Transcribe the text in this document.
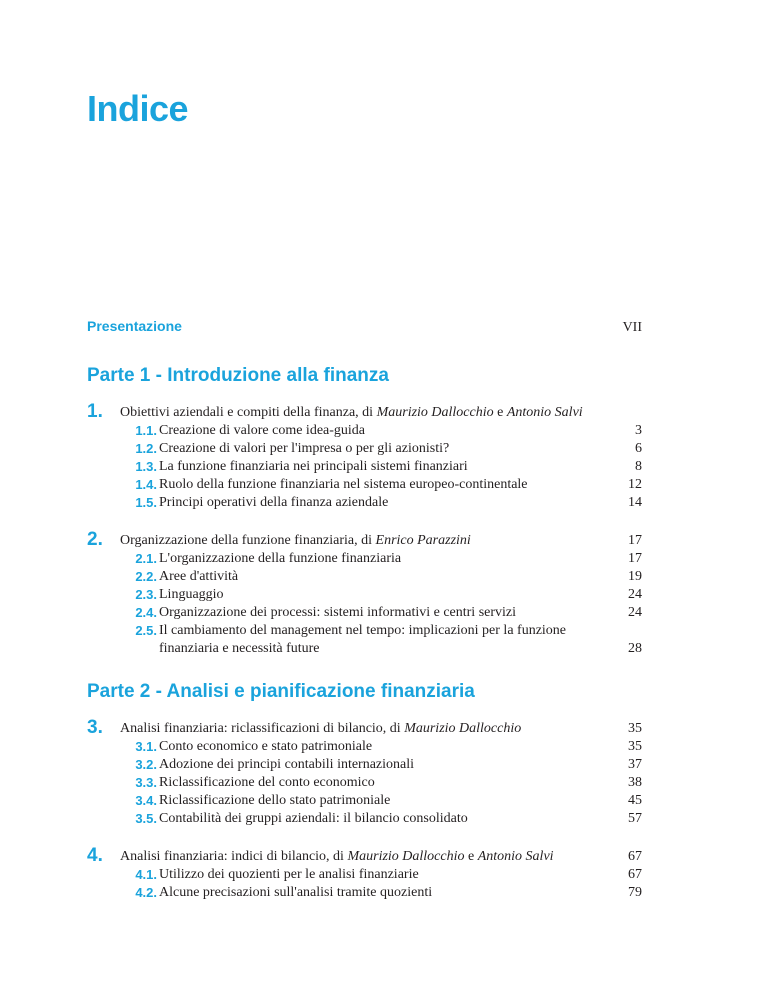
Indice
Presentazione	VII
Parte 1 - Introduzione alla finanza
1. Obiettivi aziendali e compiti della finanza, di Maurizio Dallocchio e Antonio Salvi
1.1. Creazione di valore come idea-guida	3
1.2. Creazione di valori per l'impresa o per gli azionisti?	6
1.3. La funzione finanziaria nei principali sistemi finanziari	8
1.4. Ruolo della funzione finanziaria nel sistema europeo-continentale	12
1.5. Principi operativi della finanza aziendale	14
2. Organizzazione della funzione finanziaria, di Enrico Parazzini	17
2.1. L'organizzazione della funzione finanziaria	17
2.2. Aree d'attività	19
2.3. Linguaggio	24
2.4. Organizzazione dei processi: sistemi informativi e centri servizi	24
2.5. Il cambiamento del management nel tempo: implicazioni per la funzione
finanziaria e necessità future	28
Parte 2 - Analisi e pianificazione finanziaria
3. Analisi finanziaria: riclassificazioni di bilancio, di Maurizio Dallocchio	35
3.1. Conto economico e stato patrimoniale	35
3.2. Adozione dei principi contabili internazionali	37
3.3. Riclassificazione del conto economico	38
3.4. Riclassificazione dello stato patrimoniale	45
3.5. Contabilità dei gruppi aziendali: il bilancio consolidato	57
4. Analisi finanziaria: indici di bilancio, di Maurizio Dallocchio e Antonio Salvi	67
4.1. Utilizzo dei quozienti per le analisi finanziarie	67
4.2. Alcune precisazioni sull'analisi tramite quozienti	79
